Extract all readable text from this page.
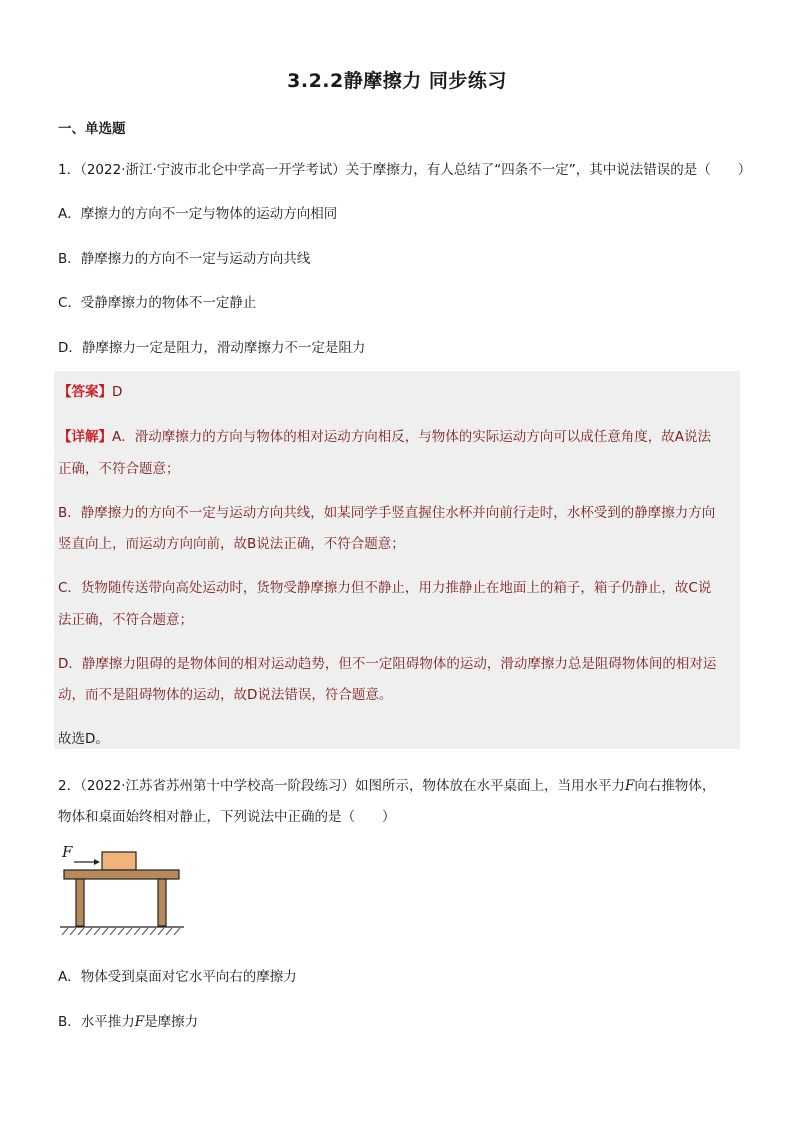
3.2.2静摩擦力 同步练习
一、单选题
1．（2022·浙江·宁波市北仑中学高一开学考试）关于摩擦力，有人总结了“四条不一定”，其中说法错误的是（　　）
A．摩擦力的方向不一定与物体的运动方向相同
B．静摩擦力的方向不一定与运动方向共线
C．受静摩擦力的物体不一定静止
D．静摩擦力一定是阻力，滑动摩擦力不一定是阻力
【答案】D
【详解】A．滑动摩擦力的方向与物体的相对运动方向相反，与物体的实际运动方向可以成任意角度，故A说法
正确，不符合题意；
B．静摩擦力的方向不一定与运动方向共线，如某同学手竖直握住水杯并向前行走时，水杯受到的静摩擦力方向
竖直向上，而运动方向向前，故B说法正确，不符合题意；
C．货物随传送带向高处运动时，货物受静摩擦力但不静止，用力推静止在地面上的箱子，箱子仍静止，故C说
法正确，不符合题意；
D．静摩擦力阻碍的是物体间的相对运动趋势，但不一定阻碍物体的运动，滑动摩擦力总是阻碍物体间的相对运
动，而不是阻碍物体的运动，故D说法错误，符合题意。
故选D。
2．（2022·江苏省苏州第十中学校高一阶段练习）如图所示，物体放在水平桌面上，当用水平力F向右推物体，
物体和桌面始终相对静止，下列说法中正确的是（　　）
F
A．物体受到桌面对它水平向右的摩擦力
B．水平推力F是摩擦力
